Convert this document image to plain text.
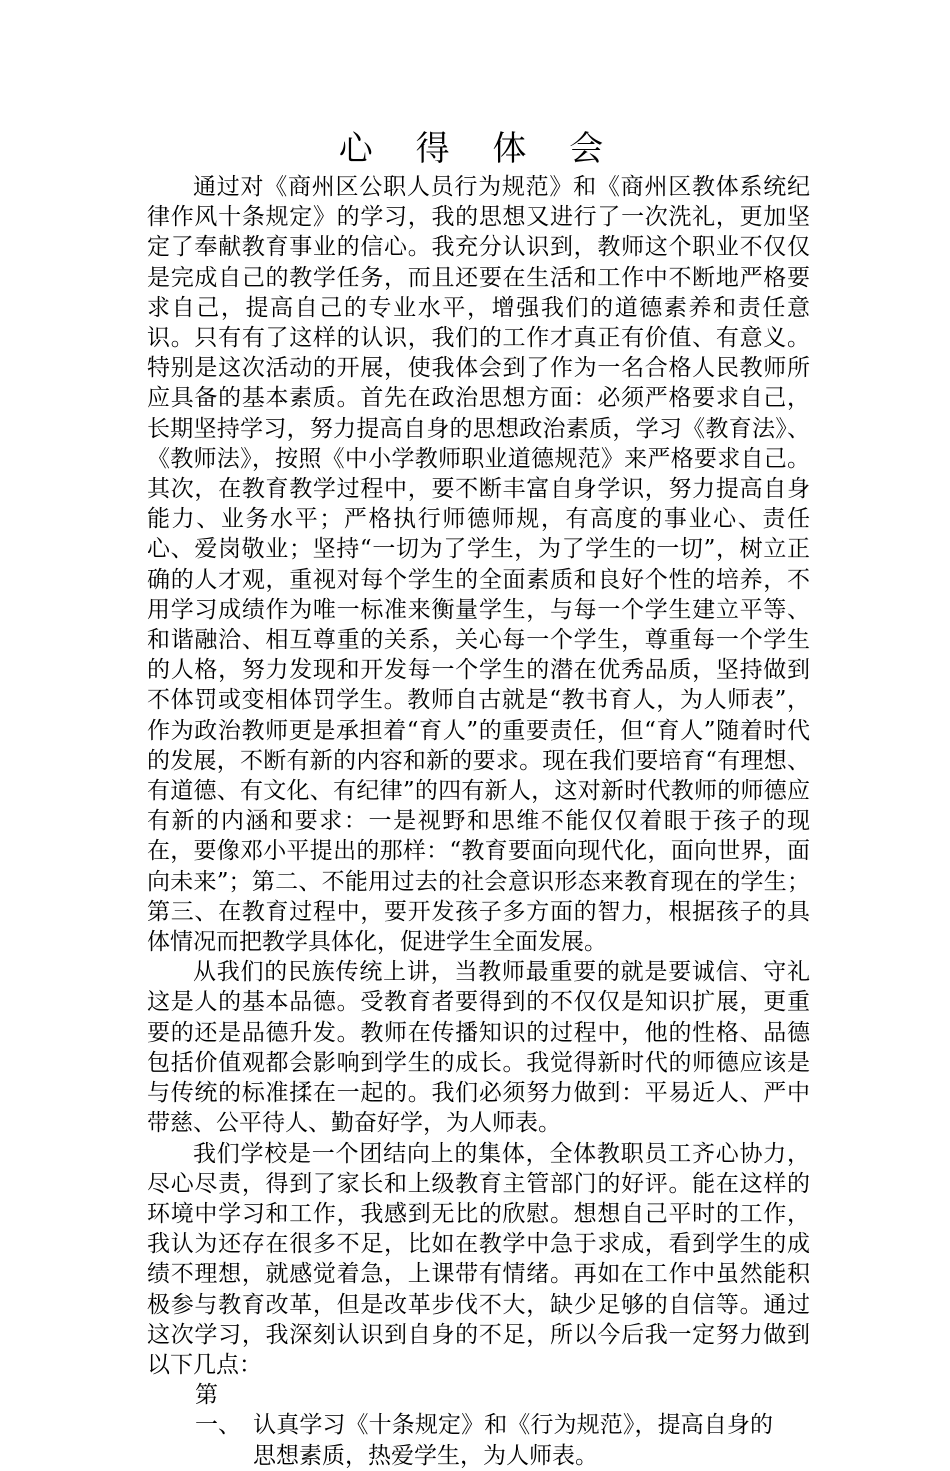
心 得 体 会

通过对《商州区公职人员行为规范》和《商州区教体系统纪律作风十条规定》的学习，我的思想又进行了一次洗礼，更加坚定了奉献教育事业的信心。我充分认识到，教师这个职业不仅仅是完成自己的教学任务，而且还要在生活和工作中不断地严格要求自己，提高自己的专业水平，增强我们的道德素养和责任意识。只有有了这样的认识，我们的工作才真正有价值、有意义。特别是这次活动的开展，使我体会到了作为一名合格人民教师所应具备的基本素质。首先在政治思想方面：必须严格要求自己，长期坚持学习，努力提高自身的思想政治素质，学习《教育法》、《教师法》，按照《中小学教师职业道德规范》来严格要求自己。其次，在教育教学过程中，要不断丰富自身学识，努力提高自身能力、业务水平；严格执行师德师规，有高度的事业心、责任心、爱岗敬业；坚持“一切为了学生，为了学生的一切”，树立正确的人才观，重视对每个学生的全面素质和良好个性的培养，不用学习成绩作为唯一标准来衡量学生，与每一个学生建立平等、和谐融洽、相互尊重的关系，关心每一个学生，尊重每一个学生的人格，努力发现和开发每一个学生的潜在优秀品质，坚持做到不体罚或变相体罚学生。教师自古就是“教书育人，为人师表”，作为政治教师更是承担着“育人”的重要责任，但“育人”随着时代的发展，不断有新的内容和新的要求。现在我们要培育“有理想、有道德、有文化、有纪律”的四有新人，这对新时代教师的师德应有新的内涵和要求：一是视野和思维不能仅仅着眼于孩子的现在，要像邓小平提出的那样：“教育要面向现代化，面向世界，面向未来”；第二、不能用过去的社会意识形态来教育现在的学生；第三、在教育过程中，要开发孩子多方面的智力，根据孩子的具体情况而把教学具体化，促进学生全面发展。

从我们的民族传统上讲，当教师最重要的就是要诚信、守礼这是人的基本品德。受教育者要得到的不仅仅是知识扩展，更重要的还是品德升发。教师在传播知识的过程中，他的性格、品德包括价值观都会影响到学生的成长。我觉得新时代的师德应该是与传统的标准揉在一起的。我们必须努力做到：平易近人、严中带慈、公平待人、勤奋好学，为人师表。

我们学校是一个团结向上的集体，全体教职员工齐心协力，尽心尽责，得到了家长和上级教育主管部门的好评。能在这样的环境中学习和工作，我感到无比的欣慰。想想自己平时的工作，我认为还存在很多不足，比如在教学中急于求成，看到学生的成绩不理想，就感觉着急，上课带有情绪。再如在工作中虽然能积极参与教育改革，但是改革步伐不大，缺少足够的自信等。通过这次学习，我深刻认识到自身的不足，所以今后我一定努力做到以下几点：

第一、 认真学习《十条规定》和《行为规范》，提高自身的思想素质，热爱学生，为人师表。
